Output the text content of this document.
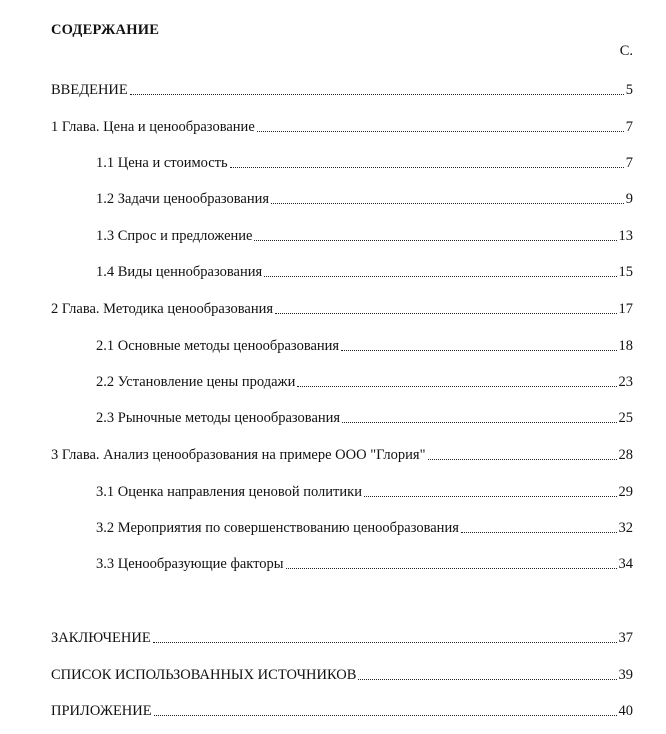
СОДЕРЖАНИЕ
С.
ВВЕДЕНИЕ	5
1 Глава. Цена и ценообразование	7
1.1 Цена и стоимость	7
1.2 Задачи ценообразования	9
1.3 Спрос и предложение	13
1.4 Виды ценнобразования	15
2 Глава. Методика ценообразования	17
2.1 Основные методы ценообразования	18
2.2 Установление цены продажи	23
2.3 Рыночные методы ценообразования	25
3 Глава. Анализ ценообразования на примере ООО "Глория"	28
3.1 Оценка направления ценовой политики	29
3.2 Мероприятия по совершенствованию ценообразования	32
3.3 Ценообразующие факторы	34
ЗАКЛЮЧЕНИЕ	37
СПИСОК ИСПОЛЬЗОВАННЫХ ИСТОЧНИКОВ	39
ПРИЛОЖЕНИЕ	40
